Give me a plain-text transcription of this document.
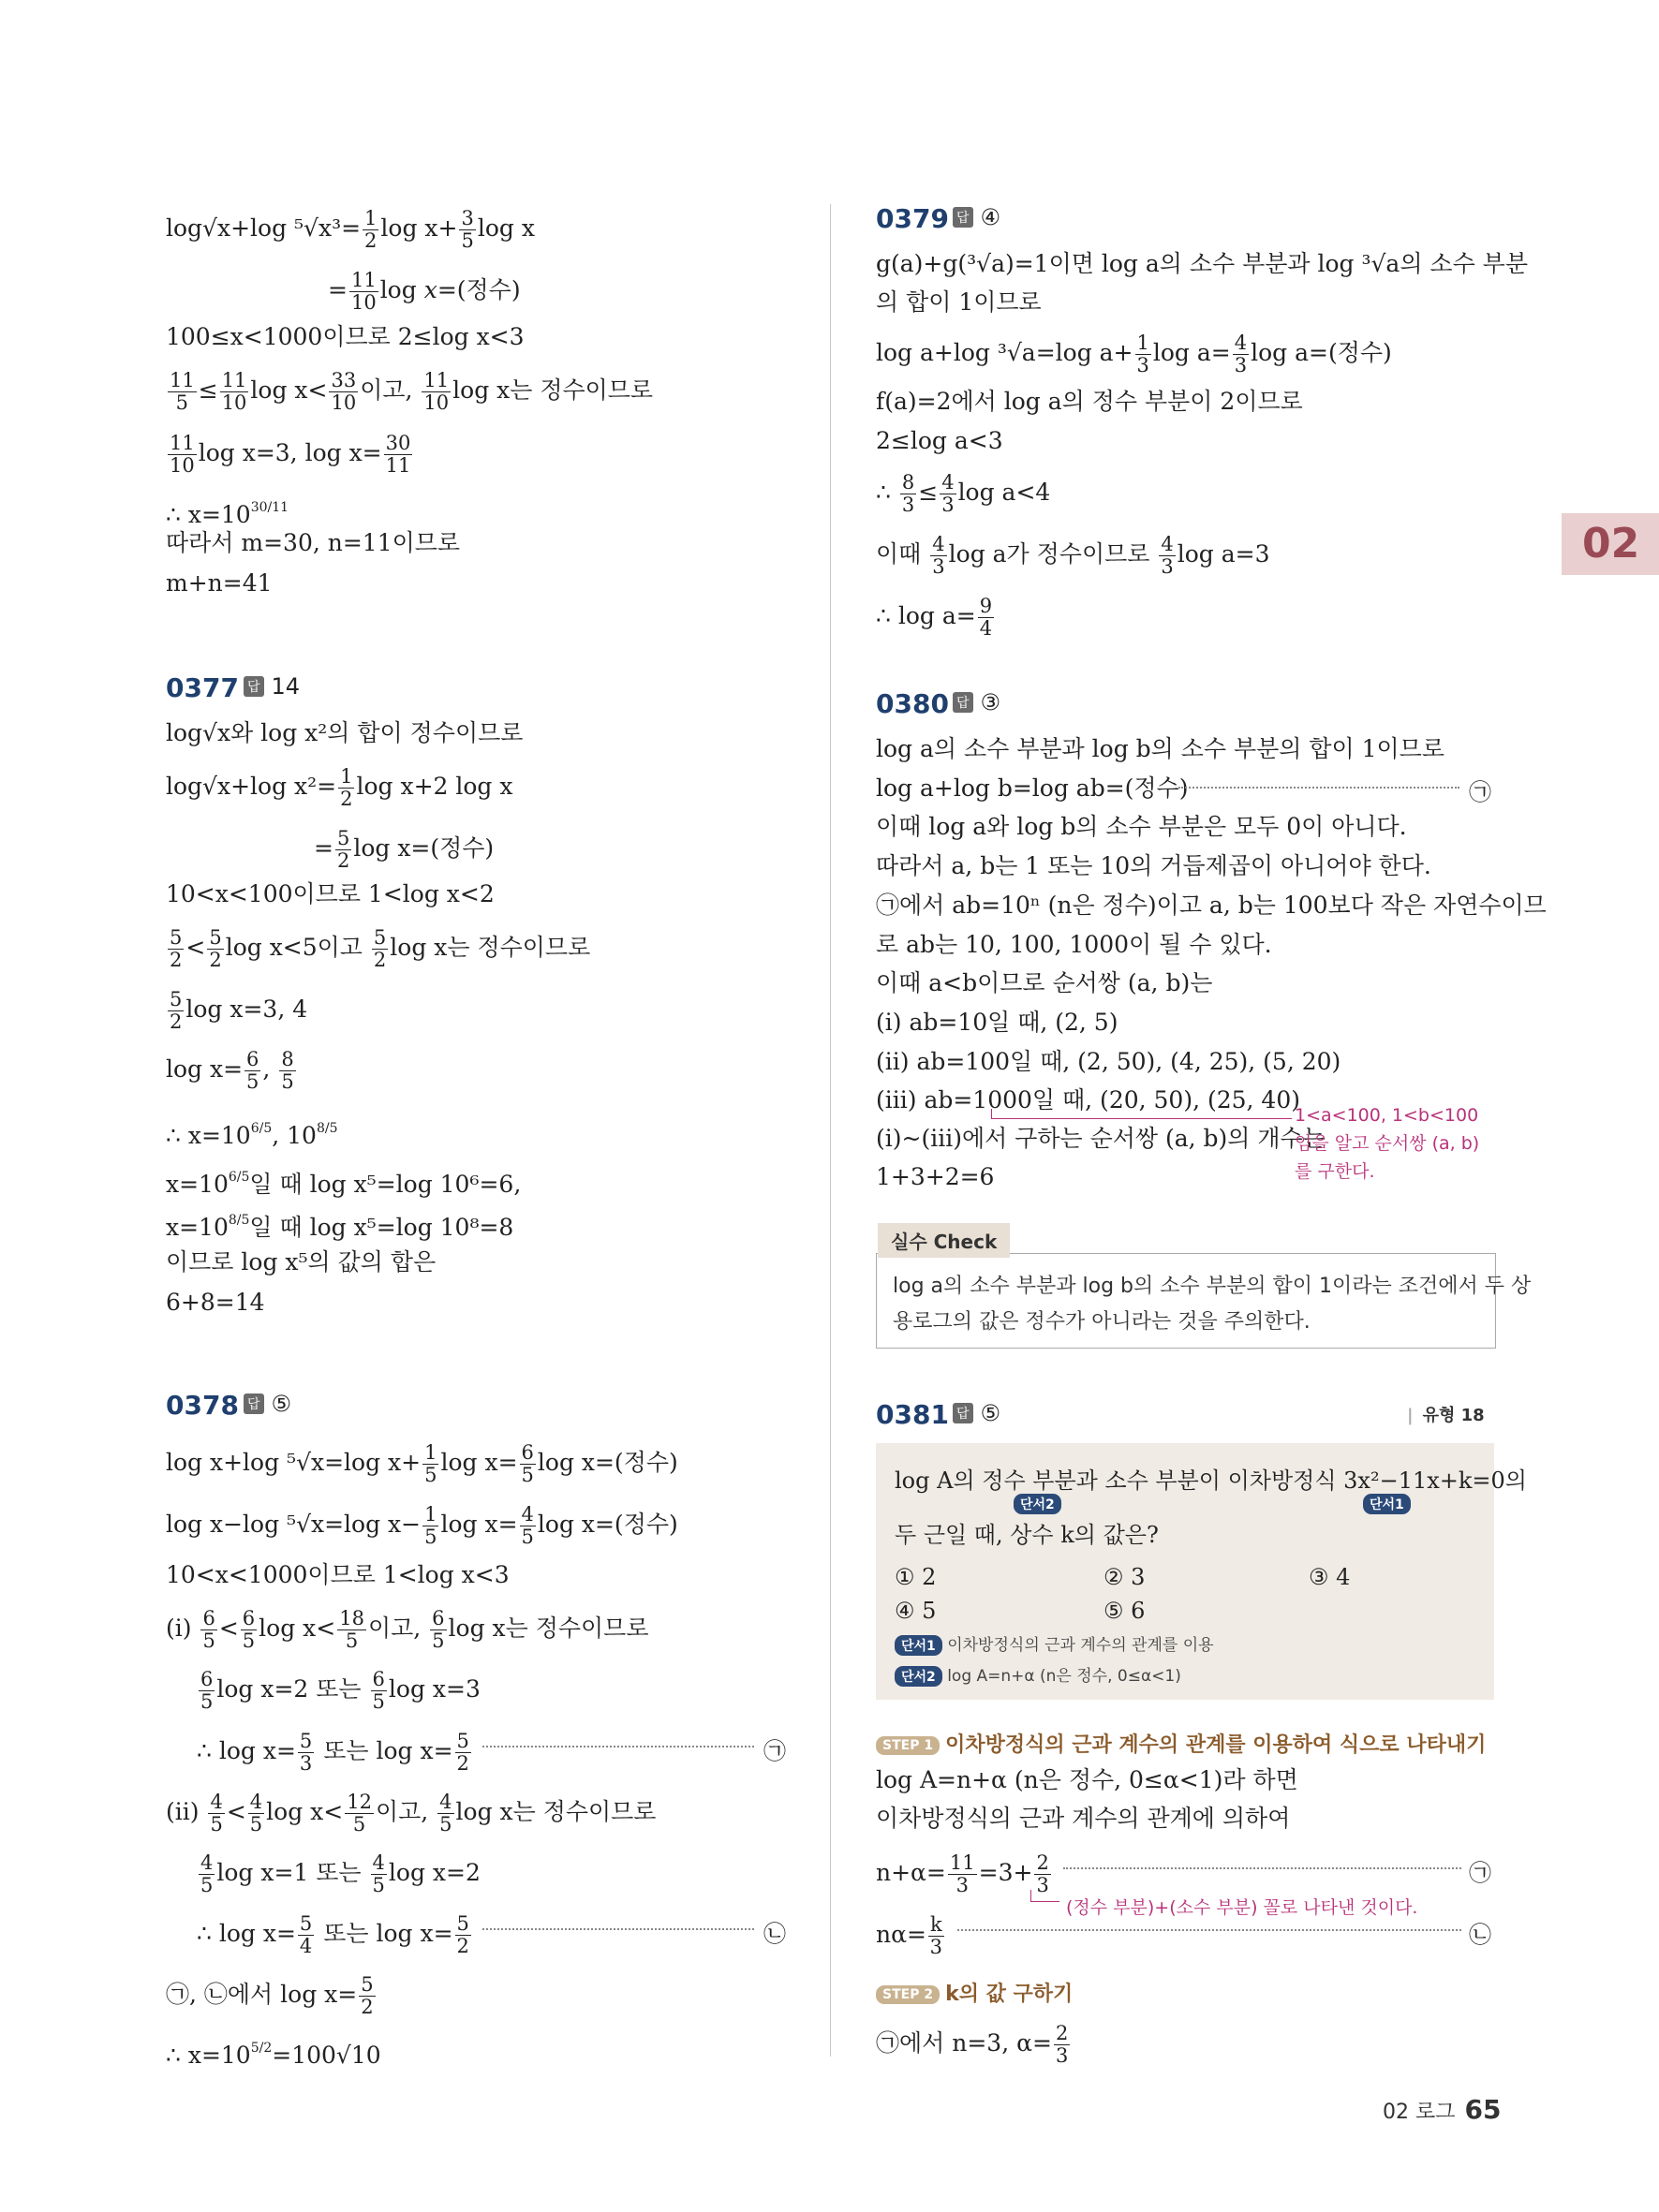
log√x+log $^5√x^3= \frac{1}{2}$ $\log x+ \frac{3}{5}$ log x
= $\frac{11}{10}$ log x=(정수)
100≤x<1000이므로 2≤log x<3
$\frac{11}{5} \le \frac{11}{10}$ $\log x< \frac{33}{10}$ 이고, $\frac{11}{10}$ log x는 정수이므로
$\frac{11}{10}$ log x=3, $\log x= \frac{30}{11}$
∴ $x=10^{30/11}$
따라서 m=30, n=11이므로
m+n=41
0377 답 14
log√x와 log x²의 합이 정수이므로
log√x+log $x^2= \frac{1}{2}$ log x+2 log x
= $\frac{5}{2}$ log x=(정수)
10<x<100이므로 1<log x<2
$\frac{5}{2} < \frac{5}{2}$ log x<5이고 $\frac{5}{2}$ log x는 정수이므로
$\frac{5}{2}$ log x=3, 4
$\log x= \frac{6}{5}$ , $\frac{8}{5}$
∴ $x=10^{6/5}$, $10^{8/5}$
$x=10^{6/5}$일 때 log x⁵=log 10⁶=6,
$x=10^{8/5}$일 때 log x⁵=log 10⁸=8
이므로 log x⁵의 값의 합은
6+8=14
0378 답 ⑤
log x+log ⁵√x=log $x+ \frac{1}{5}$ $\log x= \frac{6}{5}$ log x=(정수)
log x−log ⁵√x=log $x- \frac{1}{5}$ $\log x= \frac{4}{5}$ log x=(정수)
10<x<1000이므로 1<log x<3
(ⅰ) $\frac{6}{5} < \frac{6}{5}$ $\log x< \frac{18}{5}$ 이고, $\frac{6}{5}$ log x는 정수이므로
$\frac{6}{5}$ log x=2 또는 $\frac{6}{5}$ log x=3
∴ $\log x= \frac{5}{3}$ 또는 $\log x= \frac{5}{2}$	㉠
(ⅱ) $\frac{4}{5} < \frac{4}{5}$ $\log x< \frac{12}{5}$ 이고, $\frac{4}{5}$ log x는 정수이므로
$\frac{4}{5}$ log x=1 또는 $\frac{4}{5}$ log x=2
∴ $\log x= \frac{5}{4}$ 또는 $\log x= \frac{5}{2}$	㉡
㉠, ㉡에서 $\log x= \frac{5}{2}$
∴ $x=10^{5/2}=100√10$
0379 답 ④
g(a)+g(³√a)=1이면 log a의 소수 부분과 log ³√a의 소수 부분
의 합이 1이므로
log a+log ³√a=log $a+ \frac{1}{3}$ $\log a= \frac{4}{3}$ log a=(정수)
f(a)=2에서 log a의 정수 부분이 2이므로
2≤log a<3
∴ $\frac{8}{3} \le \frac{4}{3}$ log a<4
이때 $\frac{4}{3}$ log a가 정수이므로 $\frac{4}{3}$ log a=3
∴ $\log a= \frac{9}{4}$
02
0380 답 ③
log a의 소수 부분과 log b의 소수 부분의 합이 1이므로
log a+log b=log ab=(정수)	㉠
이때 log a와 log b의 소수 부분은 모두 0이 아니다.
따라서 a, b는 1 또는 10의 거듭제곱이 아니어야 한다.
㉠에서 ab=10ⁿ (n은 정수)이고 a, b는 100보다 작은 자연수이므
로 ab는 10, 100, 1000이 될 수 있다.
이때 a<b이므로 순서쌍 (a, b)는
(ⅰ) ab=10일 때, (2, 5)
(ⅱ) ab=100일 때, (2, 50), (4, 25), (5, 20)
(ⅲ) ab=1000일 때, (20, 50), (25, 40)
(ⅰ)~(ⅲ)에서 구하는 순서쌍 (a, b)의 개수는
1+3+2=6
1<a<100, 1<b<100
임을 알고 순서쌍 (a, b)
를 구한다.
실수 Check
log a의 소수 부분과 log b의 소수 부분의 합이 1이라는 조건에서 두 상
용로그의 값은 정수가 아니라는 것을 주의한다.
0381 답 ⑤	| 유형 18
log A의 정수 부분과 소수 부분이 이차방정식 3x²−11x+k=0의
단서2	단서1
두 근일 때, 상수 k의 값은?
① 2	② 3	③ 4
④ 5	⑤ 6
단서1 이차방정식의 근과 계수의 관계를 이용
단서2 log A=n+α (n은 정수, 0≤α<1)
STEP 1 이차방정식의 근과 계수의 관계를 이용하여 식으로 나타내기
log A=n+α (n은 정수, 0≤α<1)라 하면
이차방정식의 근과 계수의 관계에 의하여
$n+\alpha= \frac{11}{3} =3+ \frac{2}{3}$	㉠
(정수 부분)+(소수 부분) 꼴로 나타낸 것이다.
$n\alpha= \frac{k}{3}$	㉡
STEP 2 k의 값 구하기
㉠에서 n=3, $\alpha= \frac{2}{3}$
02 로그 65
